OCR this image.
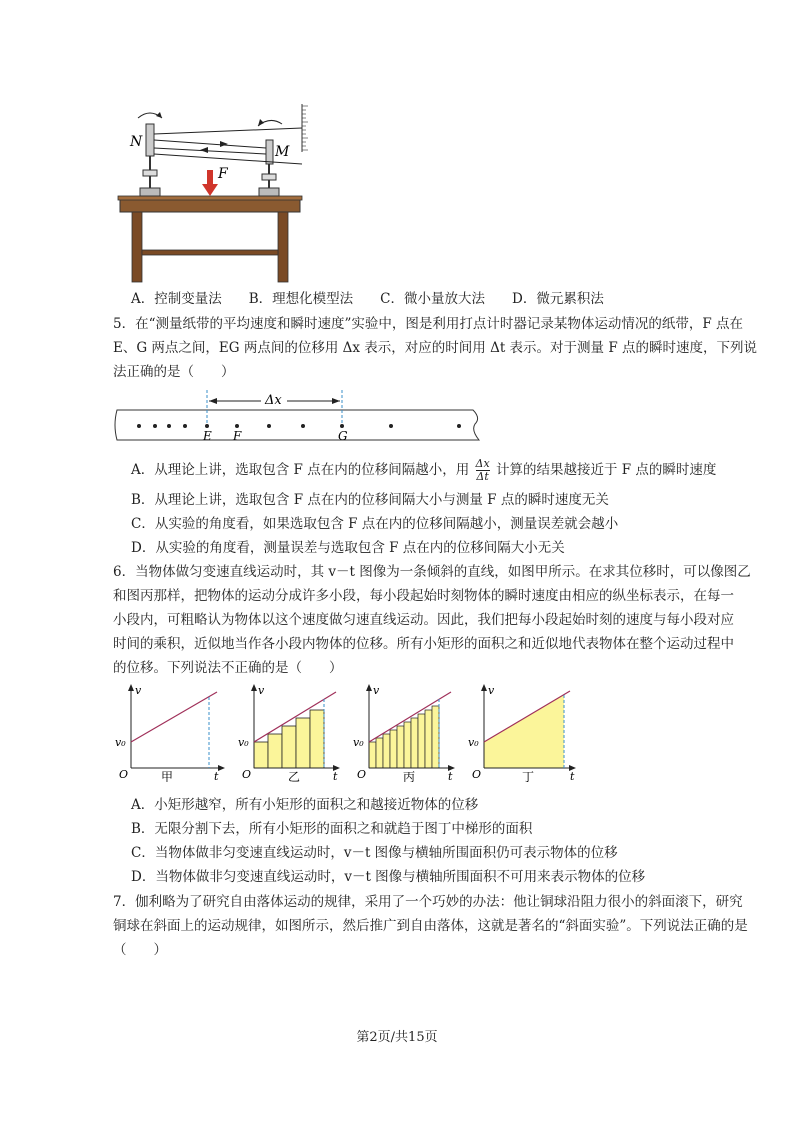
N
M
F
A．控制变量法　　B．理想化模型法　　C．微小量放大法　　D．微元累积法
5．在“测量纸带的平均速度和瞬时速度”实验中，图是利用打点计时器记录某物体运动情况的纸带，F 点在
E、G 两点之间，EG 两点间的位移用 Δx 表示，对应的时间用 Δt 表示。对于测量 F 点的瞬时速度，下列说
法正确的是（　　）
Δx
E F	G
A．从理论上讲，选取包含 F 点在内的位移间隔越小，用 $\frac{\Delta x}{\Delta t}$ 计算的结果越接近于 F 点的瞬时速度
B．从理论上讲，选取包含 F 点在内的位移间隔大小与测量 F 点的瞬时速度无关
C．从实验的角度看，如果选取包含 F 点在内的位移间隔越小，测量误差就会越小
D．从实验的角度看，测量误差与选取包含 F 点在内的位移间隔大小无关
6．当物体做匀变速直线运动时，其 v－t 图像为一条倾斜的直线，如图甲所示。在求其位移时，可以像图乙
和图丙那样，把物体的运动分成许多小段，每小段起始时刻物体的瞬时速度由相应的纵坐标表示，在每一
小段内，可粗略认为物体以这个速度做匀速直线运动。因此，我们把每小段起始时刻的速度与每小段对应
时间的乘积，近似地当作各小段内物体的位移。所有小矩形的面积之和近似地代表物体在整个运动过程中
的位移。下列说法不正确的是（　　）
v
v₀
O	t
甲
v
v₀
O	t
乙
v
v₀
O	t
丙
v
v₀
O	t
丁
A．小矩形越窄，所有小矩形的面积之和越接近物体的位移
B．无限分割下去，所有小矩形的面积之和就趋于图丁中梯形的面积
C．当物体做非匀变速直线运动时，v－t 图像与横轴所围面积仍可表示物体的位移
D．当物体做非匀变速直线运动时，v－t 图像与横轴所围面积不可用来表示物体的位移
7．伽利略为了研究自由落体运动的规律，采用了一个巧妙的办法：他让铜球沿阻力很小的斜面滚下，研究
铜球在斜面上的运动规律，如图所示，然后推广到自由落体，这就是著名的“斜面实验”。下列说法正确的是
（　　）
第2页/共15页
